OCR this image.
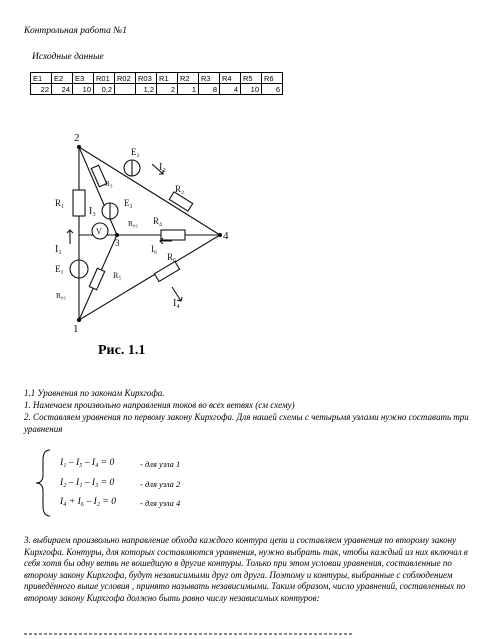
Контрольная работа №1
Исходные данные
E1	E2	E3	R01	R02	R03	R1	R2	R3	R4	R5	R6
22	24	10	0,2		1,2	2	1	8	4	10	6
2
4
1
3
R₁
R₂
R₃
R₄
R₅
R₆
E₂
E₃
E₁
R₀₁
R₀₁
V
I₂
I₁
I₃
I₆
I₄
Рис. 1.1
1.1 Уравнения по законам Кирхгофа.
1. Намечаем произвольно направления токов во всех ветвях (см схему)
2. Составляем уравнения по первому закону Кирхгофа. Для нашей схемы с четырьмя узлами нужно составить три уравнения
I₁ – I₅ – I₄ = 0	- для узла 1
I₂ – I₁ – I₃ = 0	- для узла 2
I₄ + I₆ – I₂ = 0	- для узла 4
3. выбираем произвольно направление обхода каждого контура цепи и составляем уравнения по второму закону Кирхгофа. Контуры, для которых составляются уравнения, нужно выбрать так, чтобы каждый из них включал в себя хотя бы одну ветвь не вошедшую в другие контуры. Только при этом условии уравнения, составленные по второму закону Кирхгофа, будут независимыми друг от друга. Поэтому и контуры, выбранные с соблюдением приведённого выше условия , принято называть независимыми. Таким образом, число уравнений, составленных по второму закону Кирхгофа должно быть равно числу независимых контуров:
